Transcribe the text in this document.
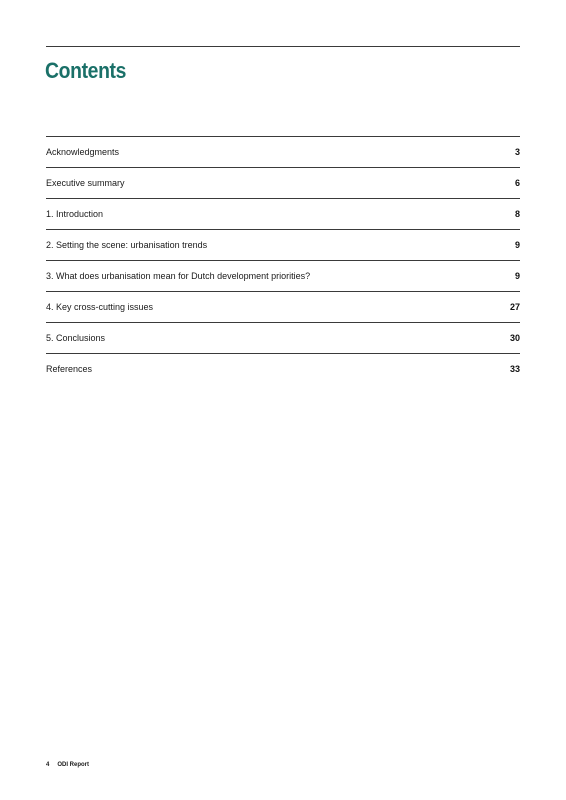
Contents
Acknowledgments	3
Executive summary	6
1. Introduction	8
2. Setting the scene: urbanisation trends	9
3. What does urbanisation mean for Dutch development priorities?	9
4. Key cross-cutting issues	27
5. Conclusions	30
References	33
4 ODI Report
